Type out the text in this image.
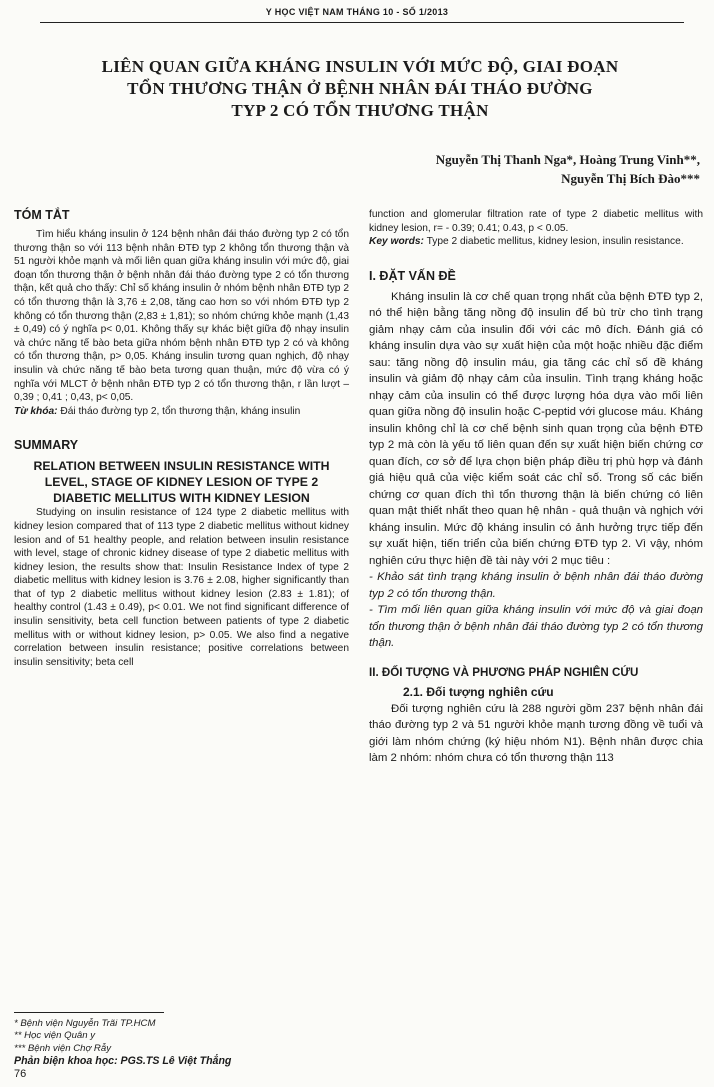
Y HỌC VIỆT NAM THÁNG 10 - SỐ 1/2013
LIÊN QUAN GIỮA KHÁNG INSULIN VỚI MỨC ĐỘ, GIAI ĐOẠN
TỔN THƯƠNG THẬN Ở BỆNH NHÂN ĐÁI THÁO ĐƯỜNG
TYP 2 CÓ TỔN THƯƠNG THẬN
Nguyễn Thị Thanh Nga*, Hoàng Trung Vinh**,
Nguyễn Thị Bích Đào***
TÓM TẮT

Tìm hiểu kháng insulin ở 124 bệnh nhân đái tháo đường typ 2 có tổn thương thận so với 113 bệnh nhân ĐTĐ typ 2 không tổn thương thận và 51 người khỏe mạnh và mối liên quan giữa kháng insulin với mức độ, giai đoạn tổn thương thận ở bệnh nhân đái tháo đường type 2 có tổn thương thận, kết quả cho thấy: Chỉ số kháng insulin ở nhóm bệnh nhân ĐTĐ typ 2 có tổn thương thận là 3,76 ± 2,08, tăng cao hơn so với nhóm ĐTĐ typ 2 không có tổn thương thận (2,83 ± 1,81); so nhóm chứng khỏe mạnh (1,43 ± 0,49) có ý nghĩa p< 0,01. Không thấy sự khác biệt giữa độ nhạy insulin và chức năng tế bào beta giữa nhóm bệnh nhân ĐTĐ typ 2 có và không có tổn thương thận, p> 0,05. Kháng insulin tương quan nghịch, độ nhạy insulin và chức năng tế bào beta tương quan thuận, mức độ vừa có ý nghĩa với MLCT ở bệnh nhân ĐTĐ typ 2 có tổn thương thận, r lần lượt – 0,39 ; 0,41 ; 0,43, p< 0,05.

Từ khóa: Đái tháo đường typ 2, tổn thương thận, kháng insulin

SUMMARY

RELATION BETWEEN INSULIN RESISTANCE WITH LEVEL, STAGE OF KIDNEY LESION OF TYPE 2 DIABETIC MELLITUS WITH KIDNEY LESION

Studying on insulin resistance of 124 type 2 diabetic mellitus with kidney lesion compared that of 113 type 2 diabetic mellitus without kidney lesion and of 51 healthy people, and relation between insulin resistance with level, stage of chronic kidney disease of type 2 diabetic mellitus with kidney lesion, the results show that: Insulin Resistance Index of type 2 diabetic mellitus with kidney lesion is 3.76 ± 2.08, higher significantly than that of typ 2 diabetic mellitus without kidney lesion (2.83 ± 1.81); of healthy control (1.43 ± 0.49), p< 0.01. We not find significant difference of insulin sensitivity, beta cell function between patients of type 2 diabetic mellitus with or without kidney lesion, p> 0.05. We also find a negative correlation between insulin resistance; positive correlations between insulin sensitivity; beta cell

function and glomerular filtration rate of type 2 diabetic mellitus with kidney lesion, r= - 0.39; 0.41; 0.43, p < 0.05.

Key words: Type 2 diabetic mellitus, kidney lesion, insulin resistance.

I. ĐẶT VẤN ĐỀ

Kháng insulin là cơ chế quan trọng nhất của bệnh ĐTĐ typ 2, nó thể hiện bằng tăng nồng độ insulin để bù trừ cho tình trạng giảm nhạy cảm của insulin đối với các mô đích. Đánh giá có kháng insulin dựa vào sự xuất hiện của một hoặc nhiều đặc điểm sau: tăng nồng độ insulin máu, gia tăng các chỉ số đề kháng insulin và giảm độ nhạy cảm của insulin. Tình trạng kháng hoặc nhạy cảm của insulin có thể được lượng hóa dựa vào mối liên quan giữa nồng độ insulin hoặc C-peptid với glucose máu. Kháng insulin không chỉ là cơ chế bệnh sinh quan trọng của bệnh ĐTĐ typ 2 mà còn là yếu tố liên quan đến sự xuất hiện biến chứng cơ quan đích, cơ sở để lựa chọn biện pháp điều trị phù hợp và đánh giá hiệu quả của việc kiểm soát các chỉ số. Trong số các biến chứng cơ quan đích thì tổn thương thận là biến chứng có liên quan mật thiết nhất theo quan hệ nhân - quả thuận và nghịch với kháng insulin. Mức độ kháng insulin có ảnh hưởng trực tiếp đến sự xuất hiện, tiến triển của biến chứng ĐTĐ typ 2. Vì vậy, nhóm nghiên cứu thực hiện đề tài này với 2 mục tiêu :

- Khảo sát tình trạng kháng insulin ở bệnh nhân đái tháo đường typ 2 có tổn thương thận.

- Tìm mối liên quan giữa kháng insulin với mức độ và giai đoạn tổn thương thận ở bệnh nhân đái tháo đường typ 2 có tổn thương thận.

II. ĐỐI TƯỢNG VÀ PHƯƠNG PHÁP NGHIÊN CỨU
2.1. Đối tượng nghiên cứu

Đối tượng nghiên cứu là 288 người gồm 237 bệnh nhân đái tháo đường typ 2 và 51 người khỏe mạnh tương đồng về tuổi và giới làm nhóm chứng (ký hiệu nhóm N1). Bệnh nhân được chia làm 2 nhóm: nhóm chưa có tổn thương thận 113

* Bệnh viện Nguyễn Trãi TP.HCM

** Học viện Quân y

*** Bệnh viện Chợ Rẫy

Phản biện khoa học: PGS.TS Lê Việt Thắng

76
